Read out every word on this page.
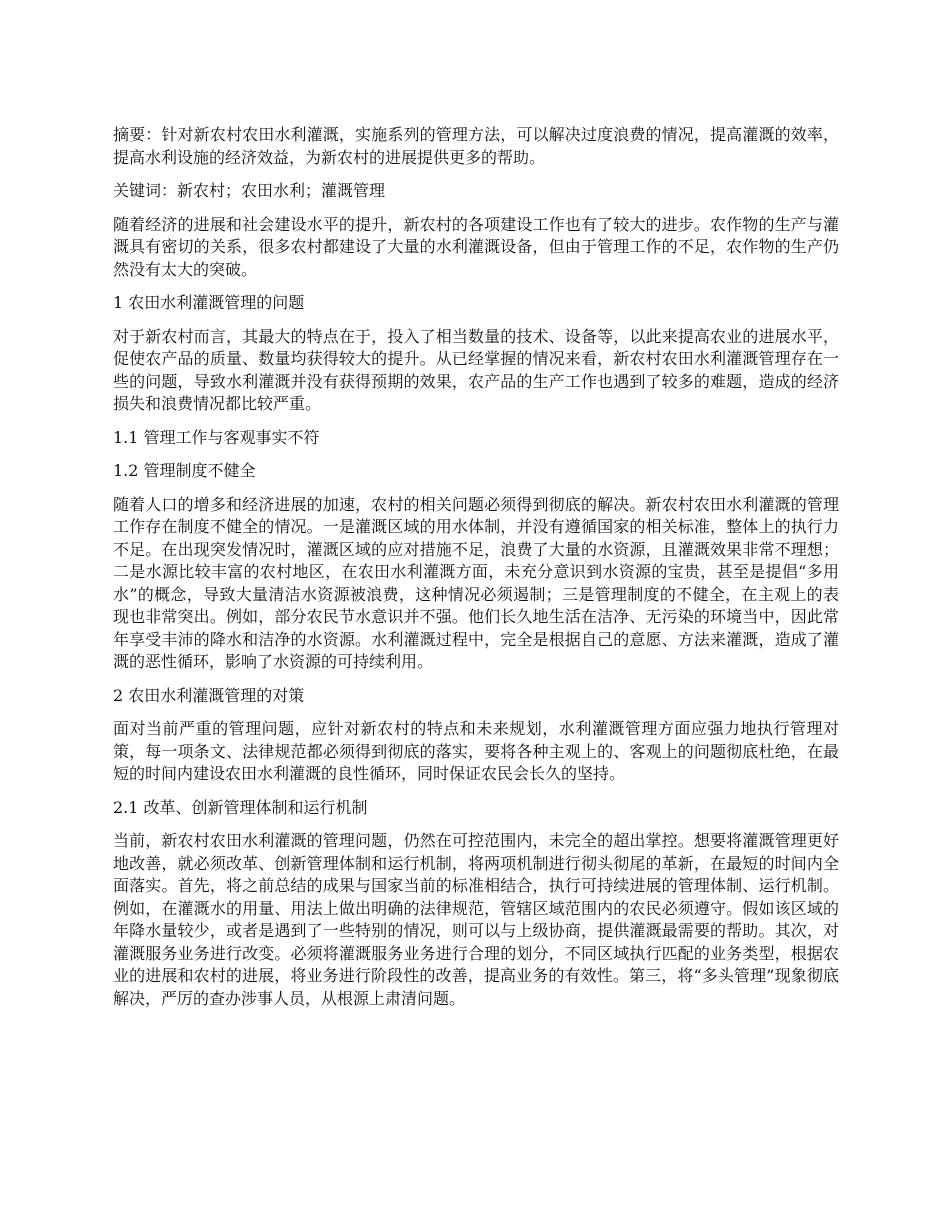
摘要：针对新农村农田水利灌溉，实施系列的管理方法，可以解决过度浪费的情况，提高灌溉的效率，提高水利设施的经济效益，为新农村的进展提供更多的帮助。

关键词：新农村；农田水利；灌溉管理

随着经济的进展和社会建设水平的提升，新农村的各项建设工作也有了较大的进步。农作物的生产与灌溉具有密切的关系，很多农村都建设了大量的水利灌溉设备，但由于管理工作的不足，农作物的生产仍然没有太大的突破。

1 农田水利灌溉管理的问题

对于新农村而言，其最大的特点在于，投入了相当数量的技术、设备等，以此来提高农业的进展水平，促使农产品的质量、数量均获得较大的提升。从已经掌握的情况来看，新农村农田水利灌溉管理存在一些的问题，导致水利灌溉并没有获得预期的效果，农产品的生产工作也遇到了较多的难题，造成的经济损失和浪费情况都比较严重。

1.1 管理工作与客观事实不符

1.2 管理制度不健全

随着人口的增多和经济进展的加速，农村的相关问题必须得到彻底的解决。新农村农田水利灌溉的管理工作存在制度不健全的情况。一是灌溉区域的用水体制，并没有遵循国家的相关标准，整体上的执行力不足。在出现突发情况时，灌溉区域的应对措施不足，浪费了大量的水资源，且灌溉效果非常不理想；二是水源比较丰富的农村地区，在农田水利灌溉方面，未充分意识到水资源的宝贵，甚至是提倡“多用水”的概念，导致大量清洁水资源被浪费，这种情况必须遏制；三是管理制度的不健全，在主观上的表现也非常突出。例如，部分农民节水意识并不强。他们长久地生活在洁净、无污染的环境当中，因此常年享受丰沛的降水和洁净的水资源。水利灌溉过程中，完全是根据自己的意愿、方法来灌溉，造成了灌溉的恶性循环，影响了水资源的可持续利用。

2 农田水利灌溉管理的对策

面对当前严重的管理问题，应针对新农村的特点和未来规划，水利灌溉管理方面应强力地执行管理对策，每一项条文、法律规范都必须得到彻底的落实，要将各种主观上的、客观上的问题彻底杜绝，在最短的时间内建设农田水利灌溉的良性循环，同时保证农民会长久的坚持。

2.1 改革、创新管理体制和运行机制

当前，新农村农田水利灌溉的管理问题，仍然在可控范围内，未完全的超出掌控。想要将灌溉管理更好地改善，就必须改革、创新管理体制和运行机制，将两项机制进行彻头彻尾的革新，在最短的时间内全面落实。首先，将之前总结的成果与国家当前的标准相结合，执行可持续进展的管理体制、运行机制。例如，在灌溉水的用量、用法上做出明确的法律规范，管辖区域范围内的农民必须遵守。假如该区域的年降水量较少，或者是遇到了一些特别的情况，则可以与上级协商，提供灌溉最需要的帮助。其次，对灌溉服务业务进行改变。必须将灌溉服务业务进行合理的划分，不同区域执行匹配的业务类型，根据农业的进展和农村的进展，将业务进行阶段性的改善，提高业务的有效性。第三，将“多头管理”现象彻底解决，严厉的查办涉事人员，从根源上肃清问题。
